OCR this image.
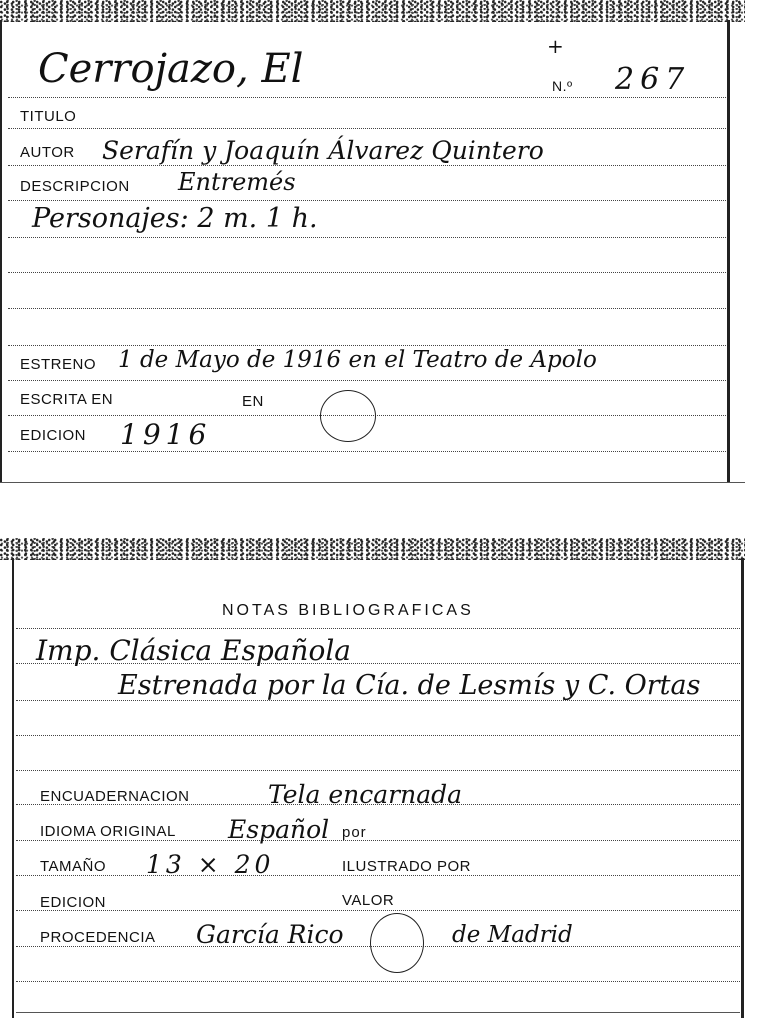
Cerrojazo, El	N.º 267
+
TITULO
AUTOR Serafín y Joaquín Álvarez Quintero
DESCRIPCION Entremés
Personajes: 2 m. 1 h.
ESTRENO 1 de Mayo de 1916 en el Teatro de Apolo
ESCRITA EN	EN
EDICION 1916
NOTAS BIBLIOGRAFICAS
Imp. Clásica Española
Estrenada por la Cía. de Lesmís y C. Ortas
ENCUADERNACION	Tela encarnada
IDIOMA ORIGINAL Español por
TAMAÑO 13 × 20	ILUSTRADO POR
EDICION	VALOR
PROCEDENCIA García Rico	de Madrid
